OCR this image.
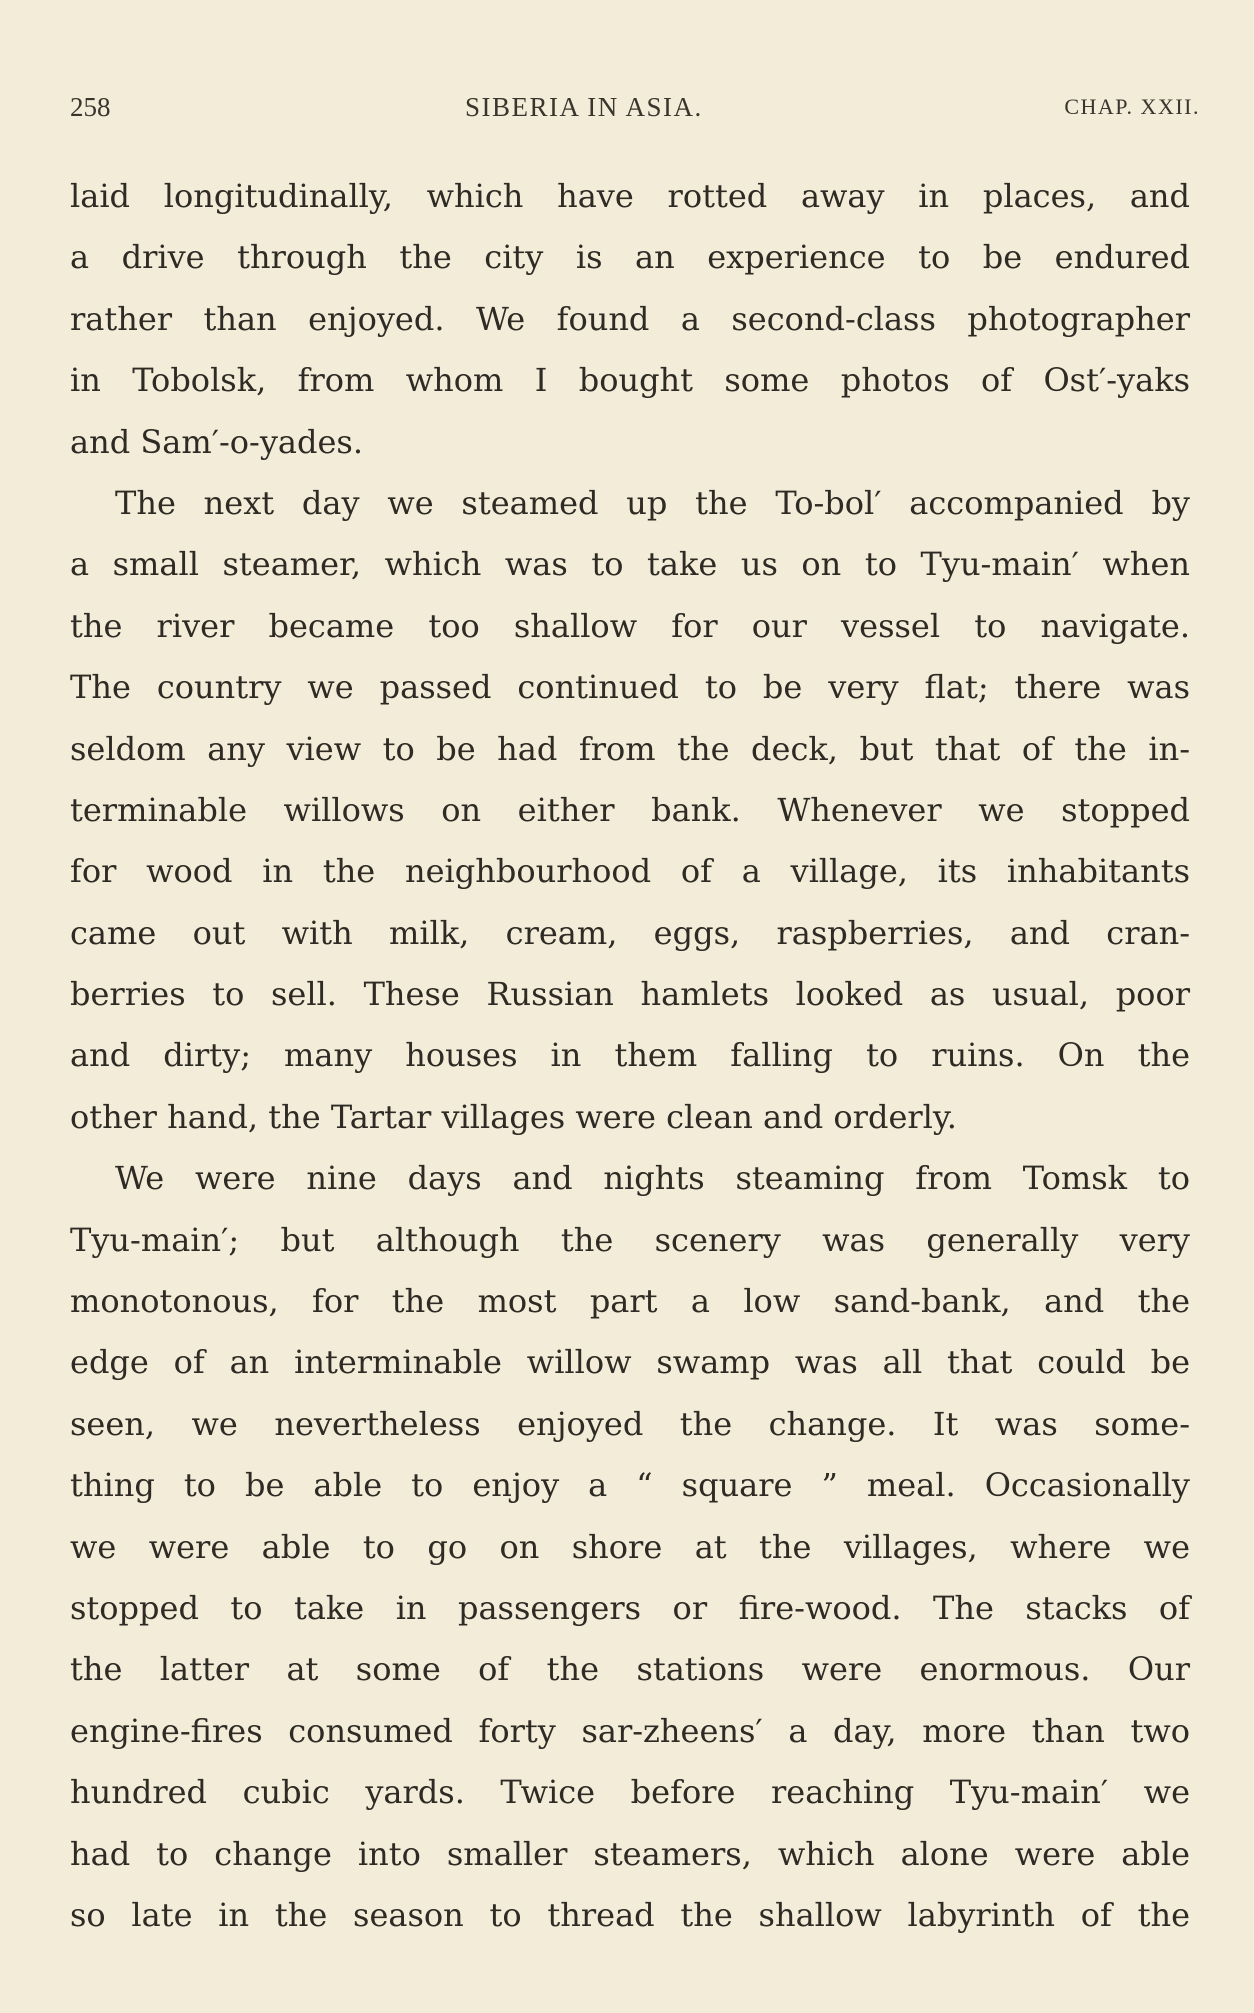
258	SIBERIA IN ASIA.	CHAP. XXII.
laid longitudinally, which have rotted away in places, and
a drive through the city is an experience to be endured
rather than enjoyed. We found a second-class photographer
in Tobolsk, from whom I bought some photos of Ost′-yaks
and Sam′-o-yades.
The next day we steamed up the To-bol′ accompanied by
a small steamer, which was to take us on to Tyu-main′ when
the river became too shallow for our vessel to navigate.
The country we passed continued to be very flat; there was
seldom any view to be had from the deck, but that of the in-
terminable willows on either bank. Whenever we stopped
for wood in the neighbourhood of a village, its inhabitants
came out with milk, cream, eggs, raspberries, and cran-
berries to sell. These Russian hamlets looked as usual, poor
and dirty; many houses in them falling to ruins. On the
other hand, the Tartar villages were clean and orderly.
We were nine days and nights steaming from Tomsk to
Tyu-main′; but although the scenery was generally very
monotonous, for the most part a low sand-bank, and the
edge of an interminable willow swamp was all that could be
seen, we nevertheless enjoyed the change. It was some-
thing to be able to enjoy a “ square ” meal. Occasionally
we were able to go on shore at the villages, where we
stopped to take in passengers or fire-wood. The stacks of
the latter at some of the stations were enormous. Our
engine-fires consumed forty sar-zheens′ a day, more than two
hundred cubic yards. Twice before reaching Tyu-main′ we
had to change into smaller steamers, which alone were able
so late in the season to thread the shallow labyrinth of the
